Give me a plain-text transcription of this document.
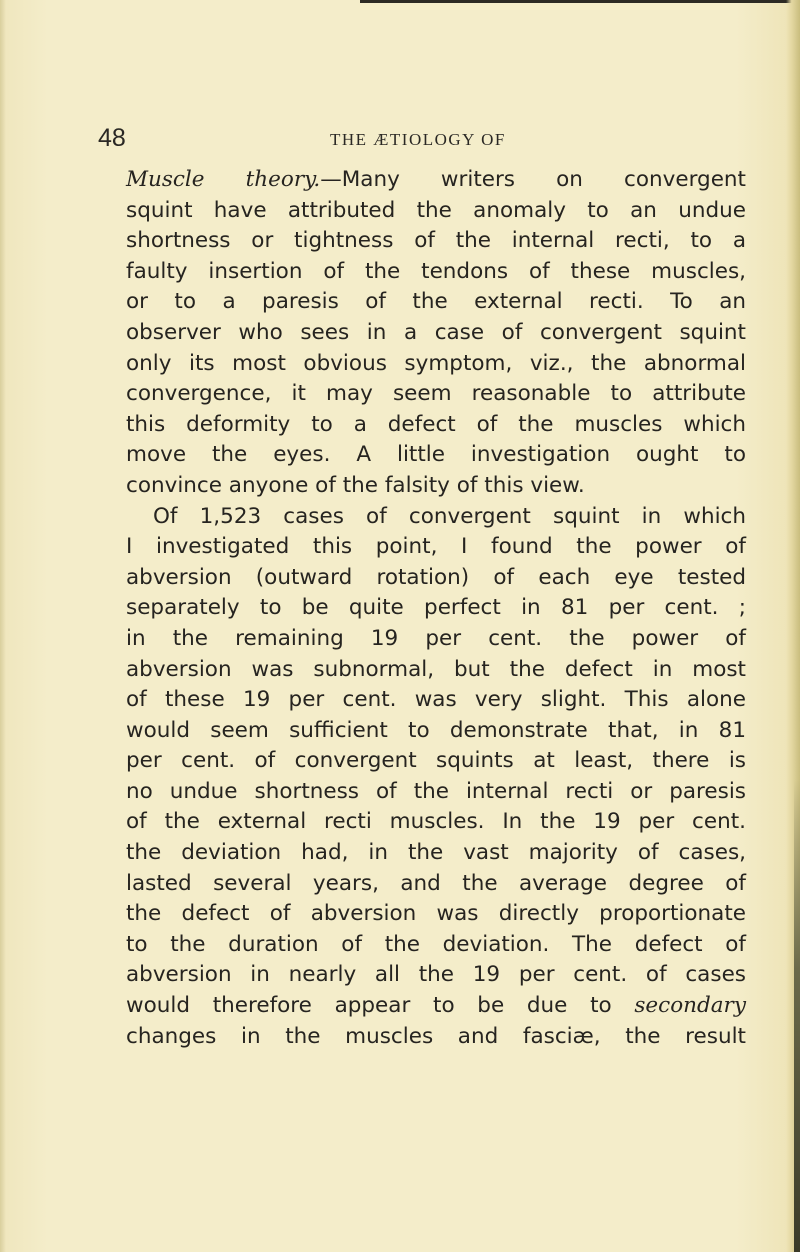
48	THE ÆTIOLOGY OF
Muscle theory.—Many writers on convergent
squint have attributed the anomaly to an undue
shortness or tightness of the internal recti, to a
faulty insertion of the tendons of these muscles,
or to a paresis of the external recti. To an
observer who sees in a case of convergent squint
only its most obvious symptom, viz., the abnormal
convergence, it may seem reasonable to attribute
this deformity to a defect of the muscles which
move the eyes. A little investigation ought to
convince anyone of the falsity of this view.
Of 1,523 cases of convergent squint in which
I investigated this point, I found the power of
abversion (outward rotation) of each eye tested
separately to be quite perfect in 81 per cent. ;
in the remaining 19 per cent. the power of
abversion was subnormal, but the defect in most
of these 19 per cent. was very slight. This alone
would seem sufficient to demonstrate that, in 81
per cent. of convergent squints at least, there is
no undue shortness of the internal recti or paresis
of the external recti muscles. In the 19 per cent.
the deviation had, in the vast majority of cases,
lasted several years, and the average degree of
the defect of abversion was directly proportionate
to the duration of the deviation. The defect of
abversion in nearly all the 19 per cent. of cases
would therefore appear to be due to secondary
changes in the muscles and fasciæ, the result
